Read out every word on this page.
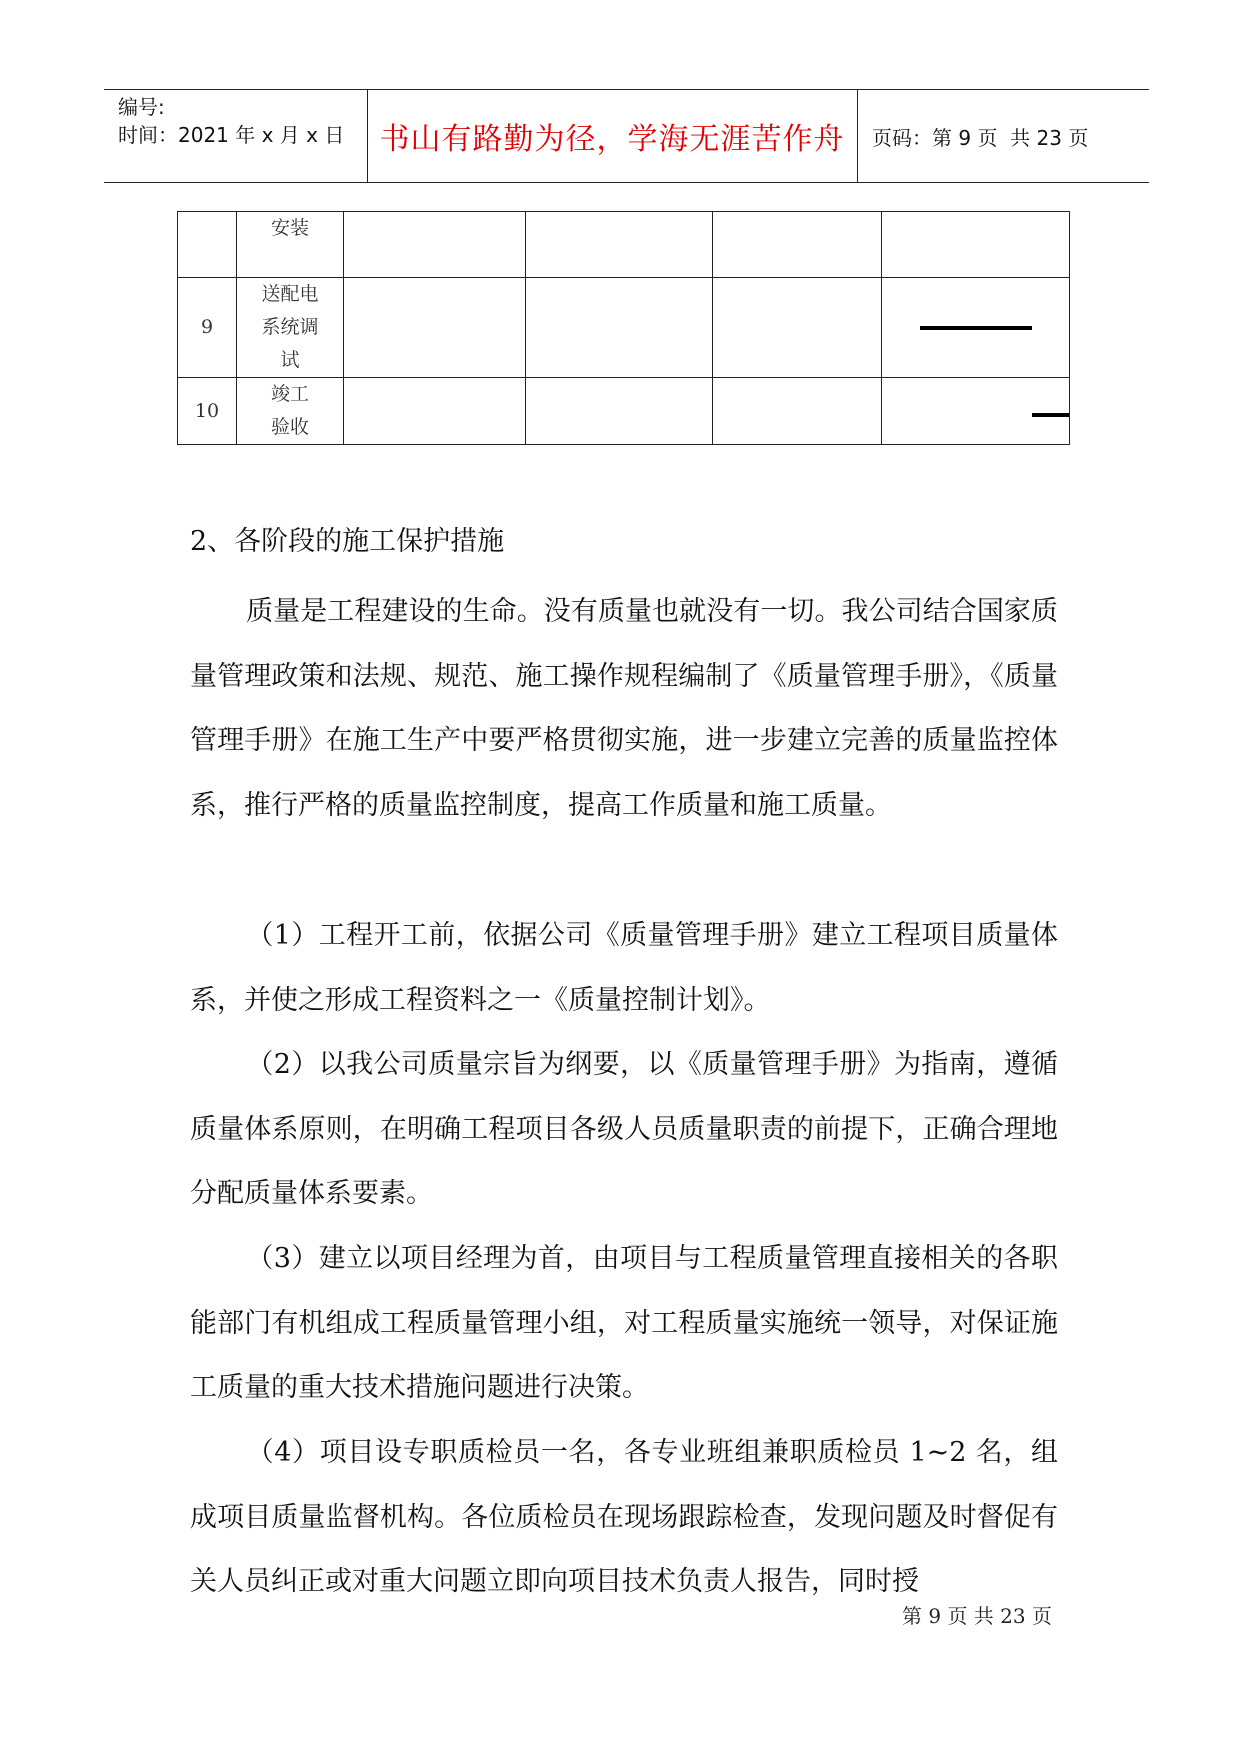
编号:
时间：2021 年 x 月 x 日	书山有路勤为径，学海无涯苦作舟	页码：第 9 页  共 23 页

	安装				

9	送配电系统调试				

10	竣工验收				

2、各阶段的施工保护措施
质量是工程建设的生命。没有质量也就没有一切。我公司结合国家质量管理政策和法规、规范、施工操作规程编制了《质量管理手册》，《质量管理手册》在施工生产中要严格贯彻实施，进一步建立完善的质量监控体系，推行严格的质量监控制度，提高工作质量和施工质量。
（1）工程开工前，依据公司《质量管理手册》建立工程项目质量体系，并使之形成工程资料之一《质量控制计划》。
（2）以我公司质量宗旨为纲要，以《质量管理手册》为指南，遵循质量体系原则，在明确工程项目各级人员质量职责的前提下，正确合理地分配质量体系要素。
（3）建立以项目经理为首，由项目与工程质量管理直接相关的各职能部门有机组成工程质量管理小组，对工程质量实施统一领导，对保证施工质量的重大技术措施问题进行决策。
（4）项目设专职质检员一名，各专业班组兼职质检员 1~2 名，组成项目质量监督机构。各位质检员在现场跟踪检查，发现问题及时督促有关人员纠正或对重大问题立即向项目技术负责人报告，同时授
第 9 页 共 23 页
